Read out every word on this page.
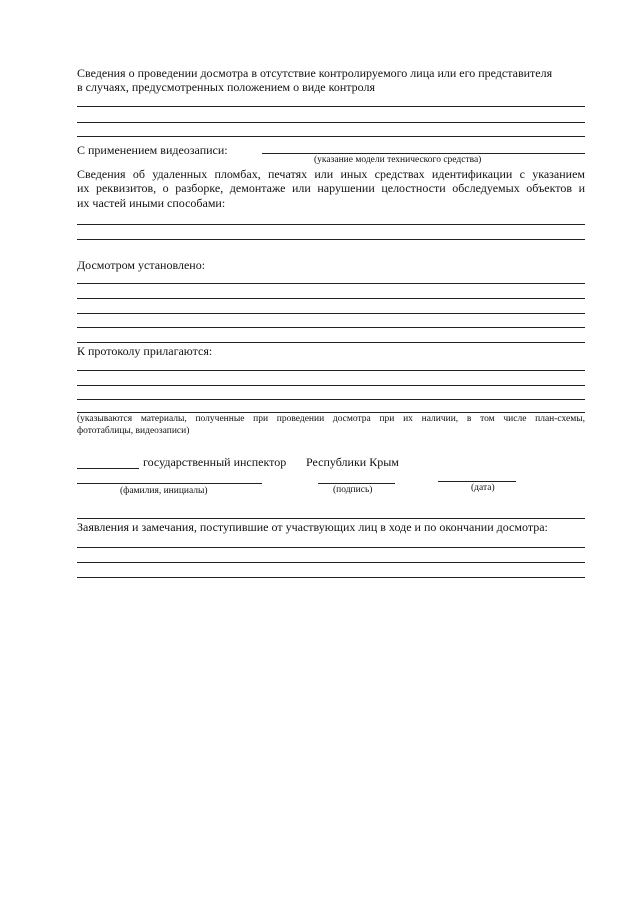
Сведения о проведении досмотра в отсутствие контролируемого лица или его представителя
в случаях, предусмотренных положением о виде контроля
С применением видеозаписи:
(указание модели технического средства)
Сведения об удаленных пломбах, печатях или иных средствах идентификации с указанием
их реквизитов, о разборке, демонтаже или нарушении целостности обследуемых объектов и
их частей иными способами:
Досмотром установлено:
К протоколу прилагаются:
(указываются материалы, полученные при проведении досмотра при их наличии, в том числе план-схемы,
фототаблицы, видеозаписи)
государственный инспектор Республики Крым
(фамилия, инициалы)	(подпись)	(дата)
Заявления и замечания, поступившие от участвующих лиц в ходе и по окончании досмотра:
